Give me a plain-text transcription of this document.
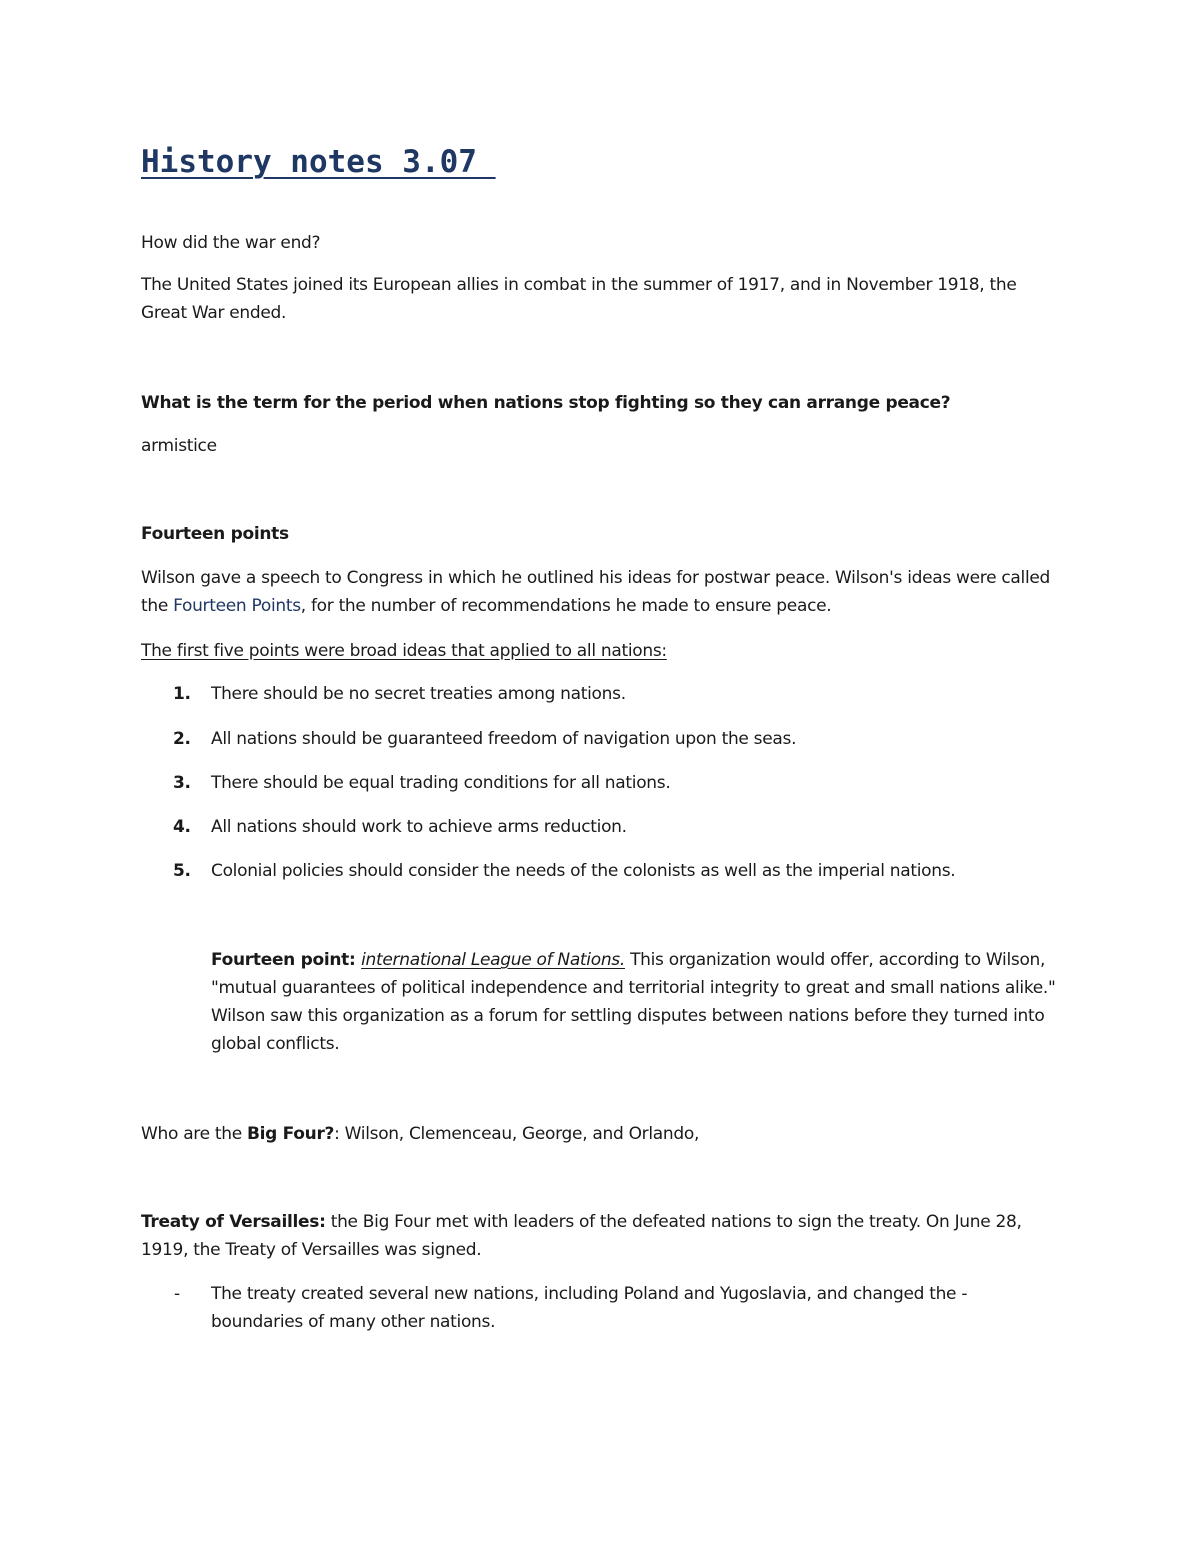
History notes 3.07
How did the war end?
The United States joined its European allies in combat in the summer of 1917, and in November 1918, the Great War ended.
What is the term for the period when nations stop fighting so they can arrange peace?
armistice
Fourteen points
Wilson gave a speech to Congress in which he outlined his ideas for postwar peace. Wilson's ideas were called the Fourteen Points, for the number of recommendations he made to ensure peace.
The first five points were broad ideas that applied to all nations:
1. There should be no secret treaties among nations.
2. All nations should be guaranteed freedom of navigation upon the seas.
3. There should be equal trading conditions for all nations.
4. All nations should work to achieve arms reduction.
5. Colonial policies should consider the needs of the colonists as well as the imperial nations.
Fourteen point: international League of Nations. This organization would offer, according to Wilson, "mutual guarantees of political independence and territorial integrity to great and small nations alike." Wilson saw this organization as a forum for settling disputes between nations before they turned into global conflicts.
Who are the Big Four?: Wilson, Clemenceau, George, and Orlando,
Treaty of Versailles: the Big Four met with leaders of the defeated nations to sign the treaty. On June 28, 1919, the Treaty of Versailles was signed.
- The treaty created several new nations, including Poland and Yugoslavia, and changed the - boundaries of many other nations.
